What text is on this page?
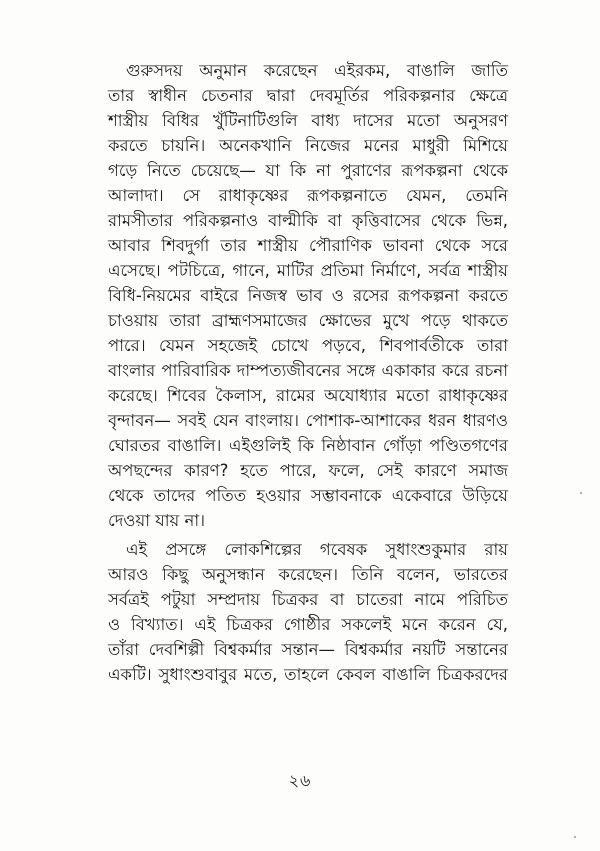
গুরুসদয় অনুমান করেছেন এইরকম, বাঙালি জাতি
তার স্বাধীন চেতনার দ্বারা দেবমূর্তির পরিকল্পনার ক্ষেত্রে
শাস্ত্রীয় বিধির খুঁটিনাটিগুলি বাধ্য দাসের মতো অনুসরণ
করতে চায়নি। অনেকখানি নিজের মনের মাধুরী মিশিয়ে
গড়ে নিতে চেয়েছে— যা কি না পুরাণের রূপকল্পনা থেকে
আলাদা। সে রাধাকৃষ্ণের রূপকল্পনাতে যেমন, তেমনি
রামসীতার পরিকল্পনাও বাল্মীকি বা কৃত্তিবাসের থেকে ভিন্ন,
আবার শিবদুর্গা তার শাস্ত্রীয় পৌরাণিক ভাবনা থেকে সরে
এসেছে। পটচিত্রে, গানে, মাটির প্রতিমা নির্মাণে, সর্বত্র শাস্ত্রীয়
বিধি-নিয়মের বাইরে নিজস্ব ভাব ও রসের রূপকল্পনা করতে
চাওয়ায় তারা ব্রাহ্মণসমাজের ক্ষোভের মুখে পড়ে থাকতে
পারে। যেমন সহজেই চোখে পড়বে, শিবপার্বতীকে তারা
বাংলার পারিবারিক দাম্পত্যজীবনের সঙ্গে একাকার করে রচনা
করেছে। শিবের কৈলাস, রামের অযোধ্যার মতো রাধাকৃষ্ণের
বৃন্দাবন— সবই যেন বাংলায়। পোশাক-আশাকের ধরন ধারণও
ঘোরতর বাঙালি। এইগুলিই কি নিষ্ঠাবান গোঁড়া পণ্ডিতগণের
অপছন্দের কারণ? হতে পারে, ফলে, সেই কারণে সমাজ
থেকে তাদের পতিত হওয়ার সম্ভাবনাকে একেবারে উড়িয়ে
দেওয়া যায় না।

এই প্রসঙ্গে লোকশিল্পের গবেষক সুধাংশুকুমার রায়
আরও কিছু অনুসন্ধান করেছেন। তিনি বলেন, ভারতের
সর্বত্রই পটুয়া সম্প্রদায় চিত্রকর বা চাতেরা নামে পরিচিত
ও বিখ্যাত। এই চিত্রকর গোষ্ঠীর সকলেই মনে করেন যে,
তাঁরা দেবশিল্পী বিশ্বকর্মার সন্তান— বিশ্বকর্মার নয়টি সন্তানের
একটি। সুধাংশুবাবুর মতে, তাহলে কেবল বাঙালি চিত্রকরদের

২৬
